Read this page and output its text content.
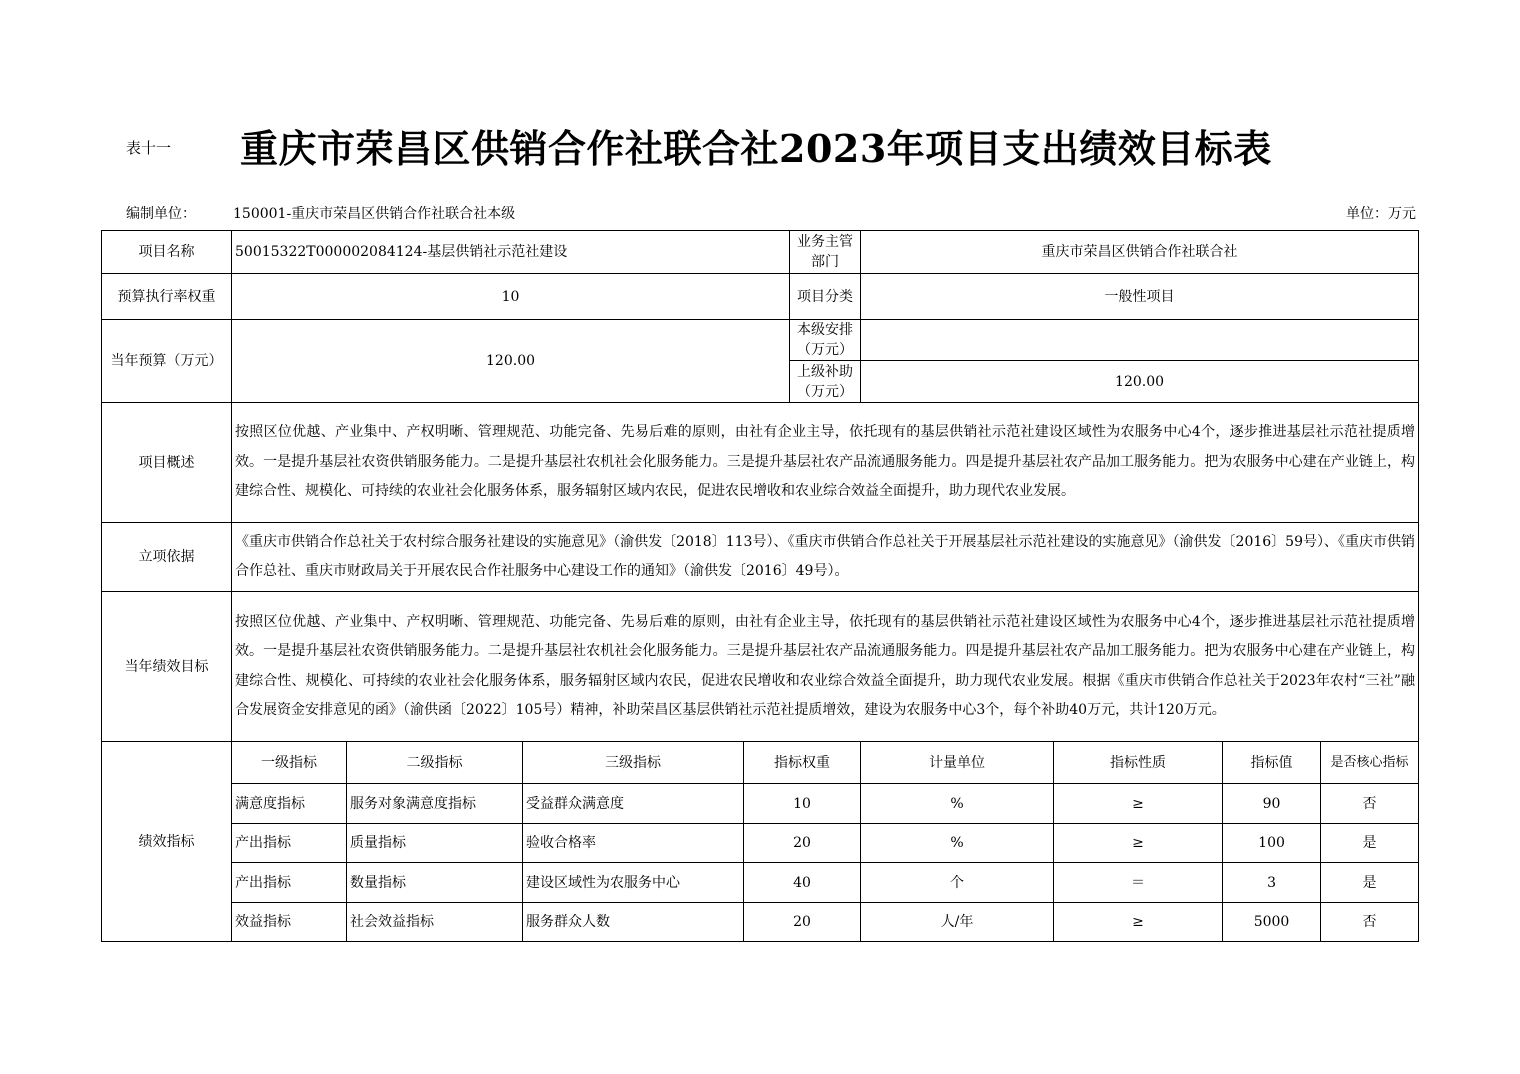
表十一 重庆市荣昌区供销合作社联合社2023年项目支出绩效目标表
编制单位：	150001-重庆市荣昌区供销合作社联合社本级	单位：万元
项目名称	50015322T000002084124-基层供销社示范社建设				业务主管部门	重庆市荣昌区供销合作社联合社			
预算执行率权重	10				项目分类	一般性项目			
当年预算（万元）	120.00				本级安排（万元）				
					上级补助（万元）	120.00			
项目概述	按照区位优越、产业集中、产权明晰、管理规范、功能完备、先易后难的原则，由社有企业主导，依托现有的基层供销社示范社建设区域性为农服务中心4个，逐步推进基层社示范社提质增效。一是提升基层社农资供销服务能力。二是提升基层社农机社会化服务能力。三是提升基层社农产品流通服务能力。四是提升基层社农产品加工服务能力。把为农服务中心建在产业链上，构建综合性、规模化、可持续的农业社会化服务体系，服务辐射区域内农民，促进农民增收和农业综合效益全面提升，助力现代农业发展。								
立项依据	《重庆市供销合作总社关于农村综合服务社建设的实施意见》（渝供发〔2018〕113号）、《重庆市供销合作总社关于开展基层社示范社建设的实施意见》（渝供发〔2016〕59号）、《重庆市供销合作总社、重庆市财政局关于开展农民合作社服务中心建设工作的通知》（渝供发〔2016〕49号）。								
当年绩效目标	按照区位优越、产业集中、产权明晰、管理规范、功能完备、先易后难的原则，由社有企业主导，依托现有的基层供销社示范社建设区域性为农服务中心4个，逐步推进基层社示范社提质增效。一是提升基层社农资供销服务能力。二是提升基层社农机社会化服务能力。三是提升基层社农产品流通服务能力。四是提升基层社农产品加工服务能力。把为农服务中心建在产业链上，构建综合性、规模化、可持续的农业社会化服务体系，服务辐射区域内农民，促进农民增收和农业综合效益全面提升，助力现代农业发展。根据《重庆市供销合作总社关于2023年农村“三社”融合发展资金安排意见的函》（渝供函〔2022〕105号）精神，补助荣昌区基层供销社示范社提质增效，建设为农服务中心3个，每个补助40万元，共计120万元。								
绩效指标	一级指标	二级指标	三级指标	指标权重		计量单位	指标性质	指标值	是否核心指标
	满意度指标	服务对象满意度指标	受益群众满意度	10		%	≥	90	否
	产出指标	质量指标	验收合格率	20		%	≥	100	是
	产出指标	数量指标	建设区域性为农服务中心	40		个	＝	3	是
	效益指标	社会效益指标	服务群众人数	20		人/年	≥	5000	否
